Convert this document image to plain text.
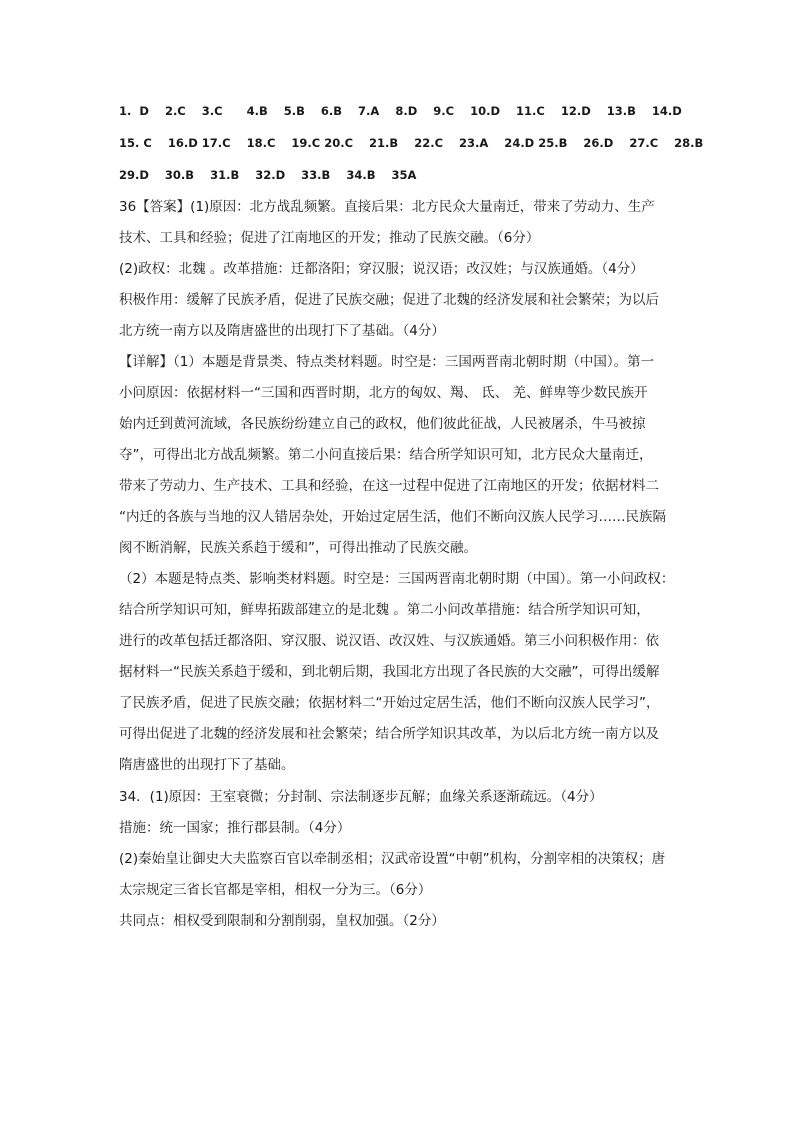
1.  D    2.C    3.C      4.B    5.B    6.B    7.A    8.D    9.C    10.D    11.C    12.D    13.B    14.D
15. C    16.D 17.C    18.C    19.C 20.C    21.B    22.C    23.A    24.D 25.B    26.D    27.C    28.B
29.D    30.B    31.B    32.D    33.B    34.B    35A
36【答案】(1)原因：北方战乱频繁。直接后果：北方民众大量南迁，带来了劳动力、生产
技术、工具和经验；促进了江南地区的开发；推动了民族交融。（6分）
(2)政权：北魏 。改革措施：迁都洛阳；穿汉服；说汉语；改汉姓；与汉族通婚。（4分）
积极作用：缓解了民族矛盾，促进了民族交融；促进了北魏的经济发展和社会繁荣；为以后
北方统一南方以及隋唐盛世的出现打下了基础。（4分）
【详解】（1）本题是背景类、特点类材料题。时空是：三国两晋南北朝时期（中国）。第一
小问原因：依据材料一“三国和西晋时期，北方的匈奴、羯、 氐、 羌、鲜卑等少数民族开
始内迁到黄河流域，各民族纷纷建立自己的政权，他们彼此征战，人民被屠杀，牛马被掠
夺”，可得出北方战乱频繁。第二小问直接后果：结合所学知识可知，北方民众大量南迁，
带来了劳动力、生产技术、工具和经验，在这一过程中促进了江南地区的开发；依据材料二
“内迁的各族与当地的汉人错居杂处，开始过定居生活，他们不断向汉族人民学习……民族隔
阂不断消解，民族关系趋于缓和”，可得出推动了民族交融。
（2）本题是特点类、影响类材料题。时空是：三国两晋南北朝时期（中国）。第一小问政权：
结合所学知识可知，鲜卑拓跋部建立的是北魏 。第二小问改革措施：结合所学知识可知，
进行的改革包括迁都洛阳、穿汉服、说汉语、改汉姓、与汉族通婚。第三小问积极作用：依
据材料一“民族关系趋于缓和，到北朝后期，我国北方出现了各民族的大交融”，可得出缓解
了民族矛盾，促进了民族交融；依据材料二“开始过定居生活，他们不断向汉族人民学习”，
可得出促进了北魏的经济发展和社会繁荣；结合所学知识其改革，为以后北方统一南方以及
隋唐盛世的出现打下了基础。
34．(1)原因：王室衰微；分封制、宗法制逐步瓦解；血缘关系逐渐疏远。（4分）
措施：统一国家；推行郡县制。（4分）
(2)秦始皇让御史大夫监察百官以牵制丞相；汉武帝设置“中朝”机构，分割宰相的决策权；唐
太宗规定三省长官都是宰相，相权一分为三。（6分）
共同点：相权受到限制和分割削弱，皇权加强。（2分）
